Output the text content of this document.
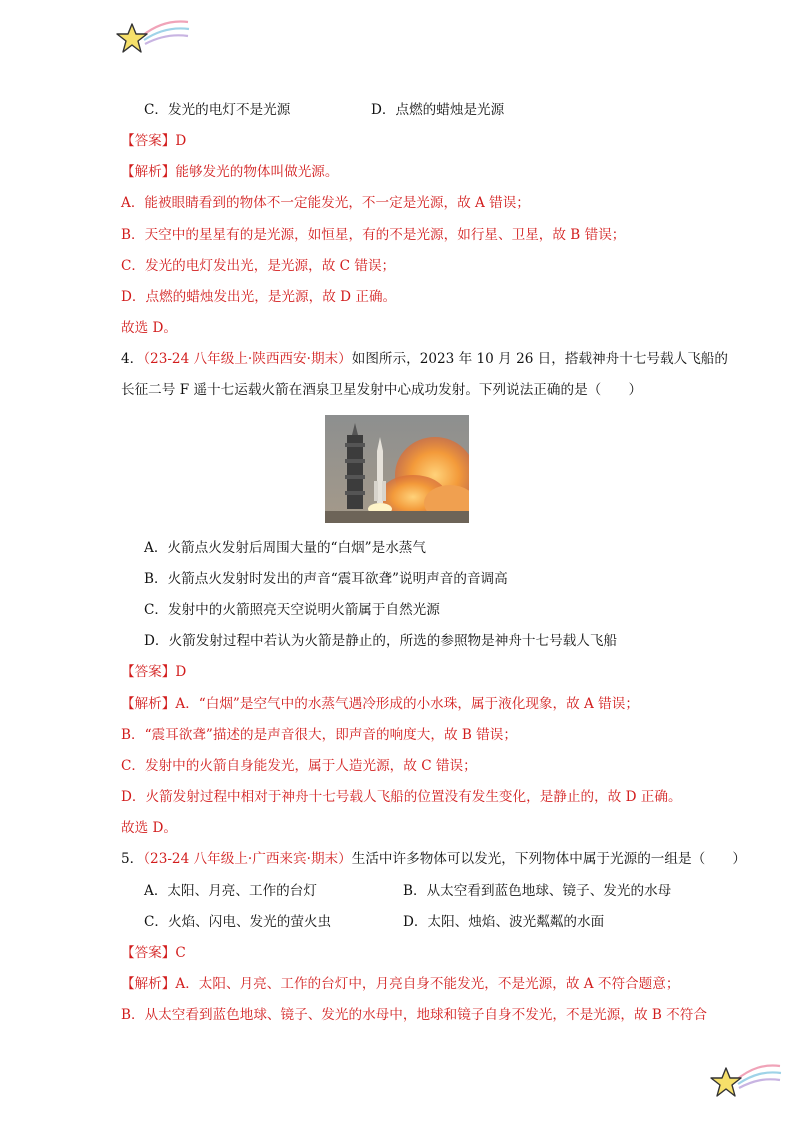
C．发光的电灯不是光源	D．点燃的蜡烛是光源
【答案】D
【解析】能够发光的物体叫做光源。
A．能被眼睛看到的物体不一定能发光，不一定是光源，故 A 错误；
B．天空中的星星有的是光源，如恒星，有的不是光源，如行星、卫星，故 B 错误；
C．发光的电灯发出光，是光源，故 C 错误；
D．点燃的蜡烛发出光，是光源，故 D 正确。
故选 D。
4．（23-24 八年级上·陕西西安·期末）如图所示，2023 年 10 月 26 日，搭载神舟十七号载人飞船的
长征二号 F 遥十七运载火箭在酒泉卫星发射中心成功发射。下列说法正确的是（　　）
A．火箭点火发射后周围大量的“白烟”是水蒸气
B．火箭点火发射时发出的声音“震耳欲聋”说明声音的音调高
C．发射中的火箭照亮天空说明火箭属于自然光源
D．火箭发射过程中若认为火箭是静止的，所选的参照物是神舟十七号载人飞船
【答案】D
【解析】A．“白烟”是空气中的水蒸气遇冷形成的小水珠，属于液化现象，故 A 错误；
B．“震耳欲聋”描述的是声音很大，即声音的响度大，故 B 错误；
C．发射中的火箭自身能发光，属于人造光源，故 C 错误；
D．火箭发射过程中相对于神舟十七号载人飞船的位置没有发生变化，是静止的，故 D 正确。
故选 D。
5．（23-24 八年级上·广西来宾·期末）生活中许多物体可以发光，下列物体中属于光源的一组是（　　）
A．太阳、月亮、工作的台灯	B．从太空看到蓝色地球、镜子、发光的水母
C．火焰、闪电、发光的萤火虫	D．太阳、烛焰、波光粼粼的水面
【答案】C
【解析】A．太阳、月亮、工作的台灯中，月亮自身不能发光，不是光源，故 A 不符合题意；
B．从太空看到蓝色地球、镜子、发光的水母中，地球和镜子自身不发光，不是光源，故 B 不符合
